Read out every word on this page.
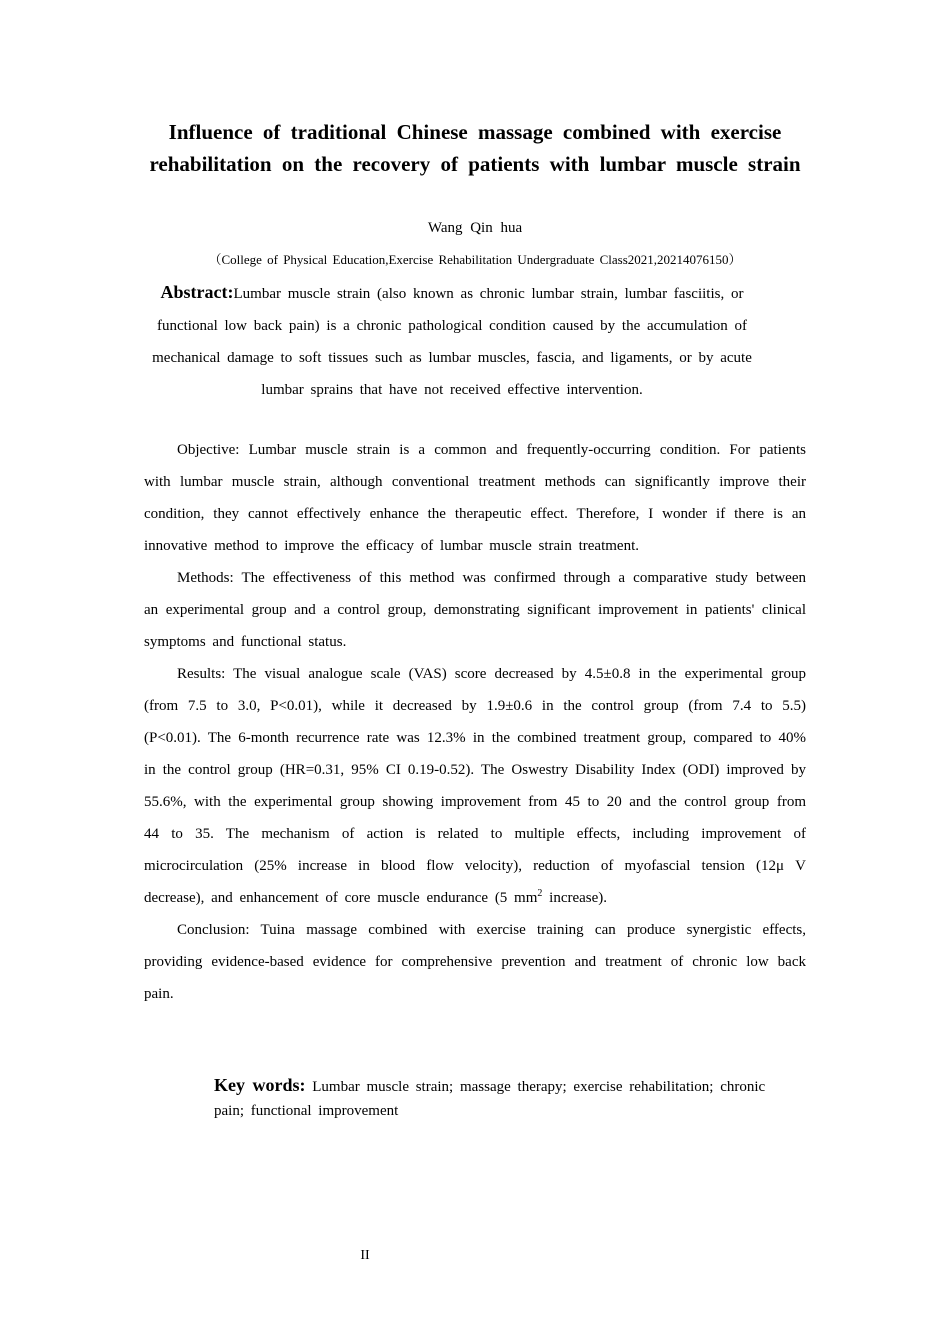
Influence of traditional Chinese massage combined with exercise rehabilitation on the recovery of patients with lumbar muscle strain
Wang Qin hua
（College of Physical Education,Exercise Rehabilitation Undergraduate Class2021,20214076150）
Abstract:Lumbar muscle strain (also known as chronic lumbar strain, lumbar fasciitis, or functional low back pain) is a chronic pathological condition caused by the accumulation of mechanical damage to soft tissues such as lumbar muscles, fascia, and ligaments, or by acute lumbar sprains that have not received effective intervention.

Objective: Lumbar muscle strain is a common and frequently-occurring condition. For patients with lumbar muscle strain, although conventional treatment methods can significantly improve their condition, they cannot effectively enhance the therapeutic effect. Therefore, I wonder if there is an innovative method to improve the efficacy of lumbar muscle strain treatment.

Methods: The effectiveness of this method was confirmed through a comparative study between an experimental group and a control group, demonstrating significant improvement in patients' clinical symptoms and functional status.

Results: The visual analogue scale (VAS) score decreased by 4.5±0.8 in the experimental group (from 7.5 to 3.0, P<0.01), while it decreased by 1.9±0.6 in the control group (from 7.4 to 5.5) (P<0.01). The 6-month recurrence rate was 12.3% in the combined treatment group, compared to 40% in the control group (HR=0.31, 95% CI 0.19-0.52). The Oswestry Disability Index (ODI) improved by 55.6%, with the experimental group showing improvement from 45 to 20 and the control group from 44 to 35. The mechanism of action is related to multiple effects, including improvement of microcirculation (25% increase in blood flow velocity), reduction of myofascial tension (12μ V decrease), and enhancement of core muscle endurance (5 $mm^2$ increase).

Conclusion: Tuina massage combined with exercise training can produce synergistic effects, providing evidence-based evidence for comprehensive prevention and treatment of chronic low back pain.

Key words: Lumbar muscle strain; massage therapy; exercise rehabilitation; chronic pain; functional improvement
II
